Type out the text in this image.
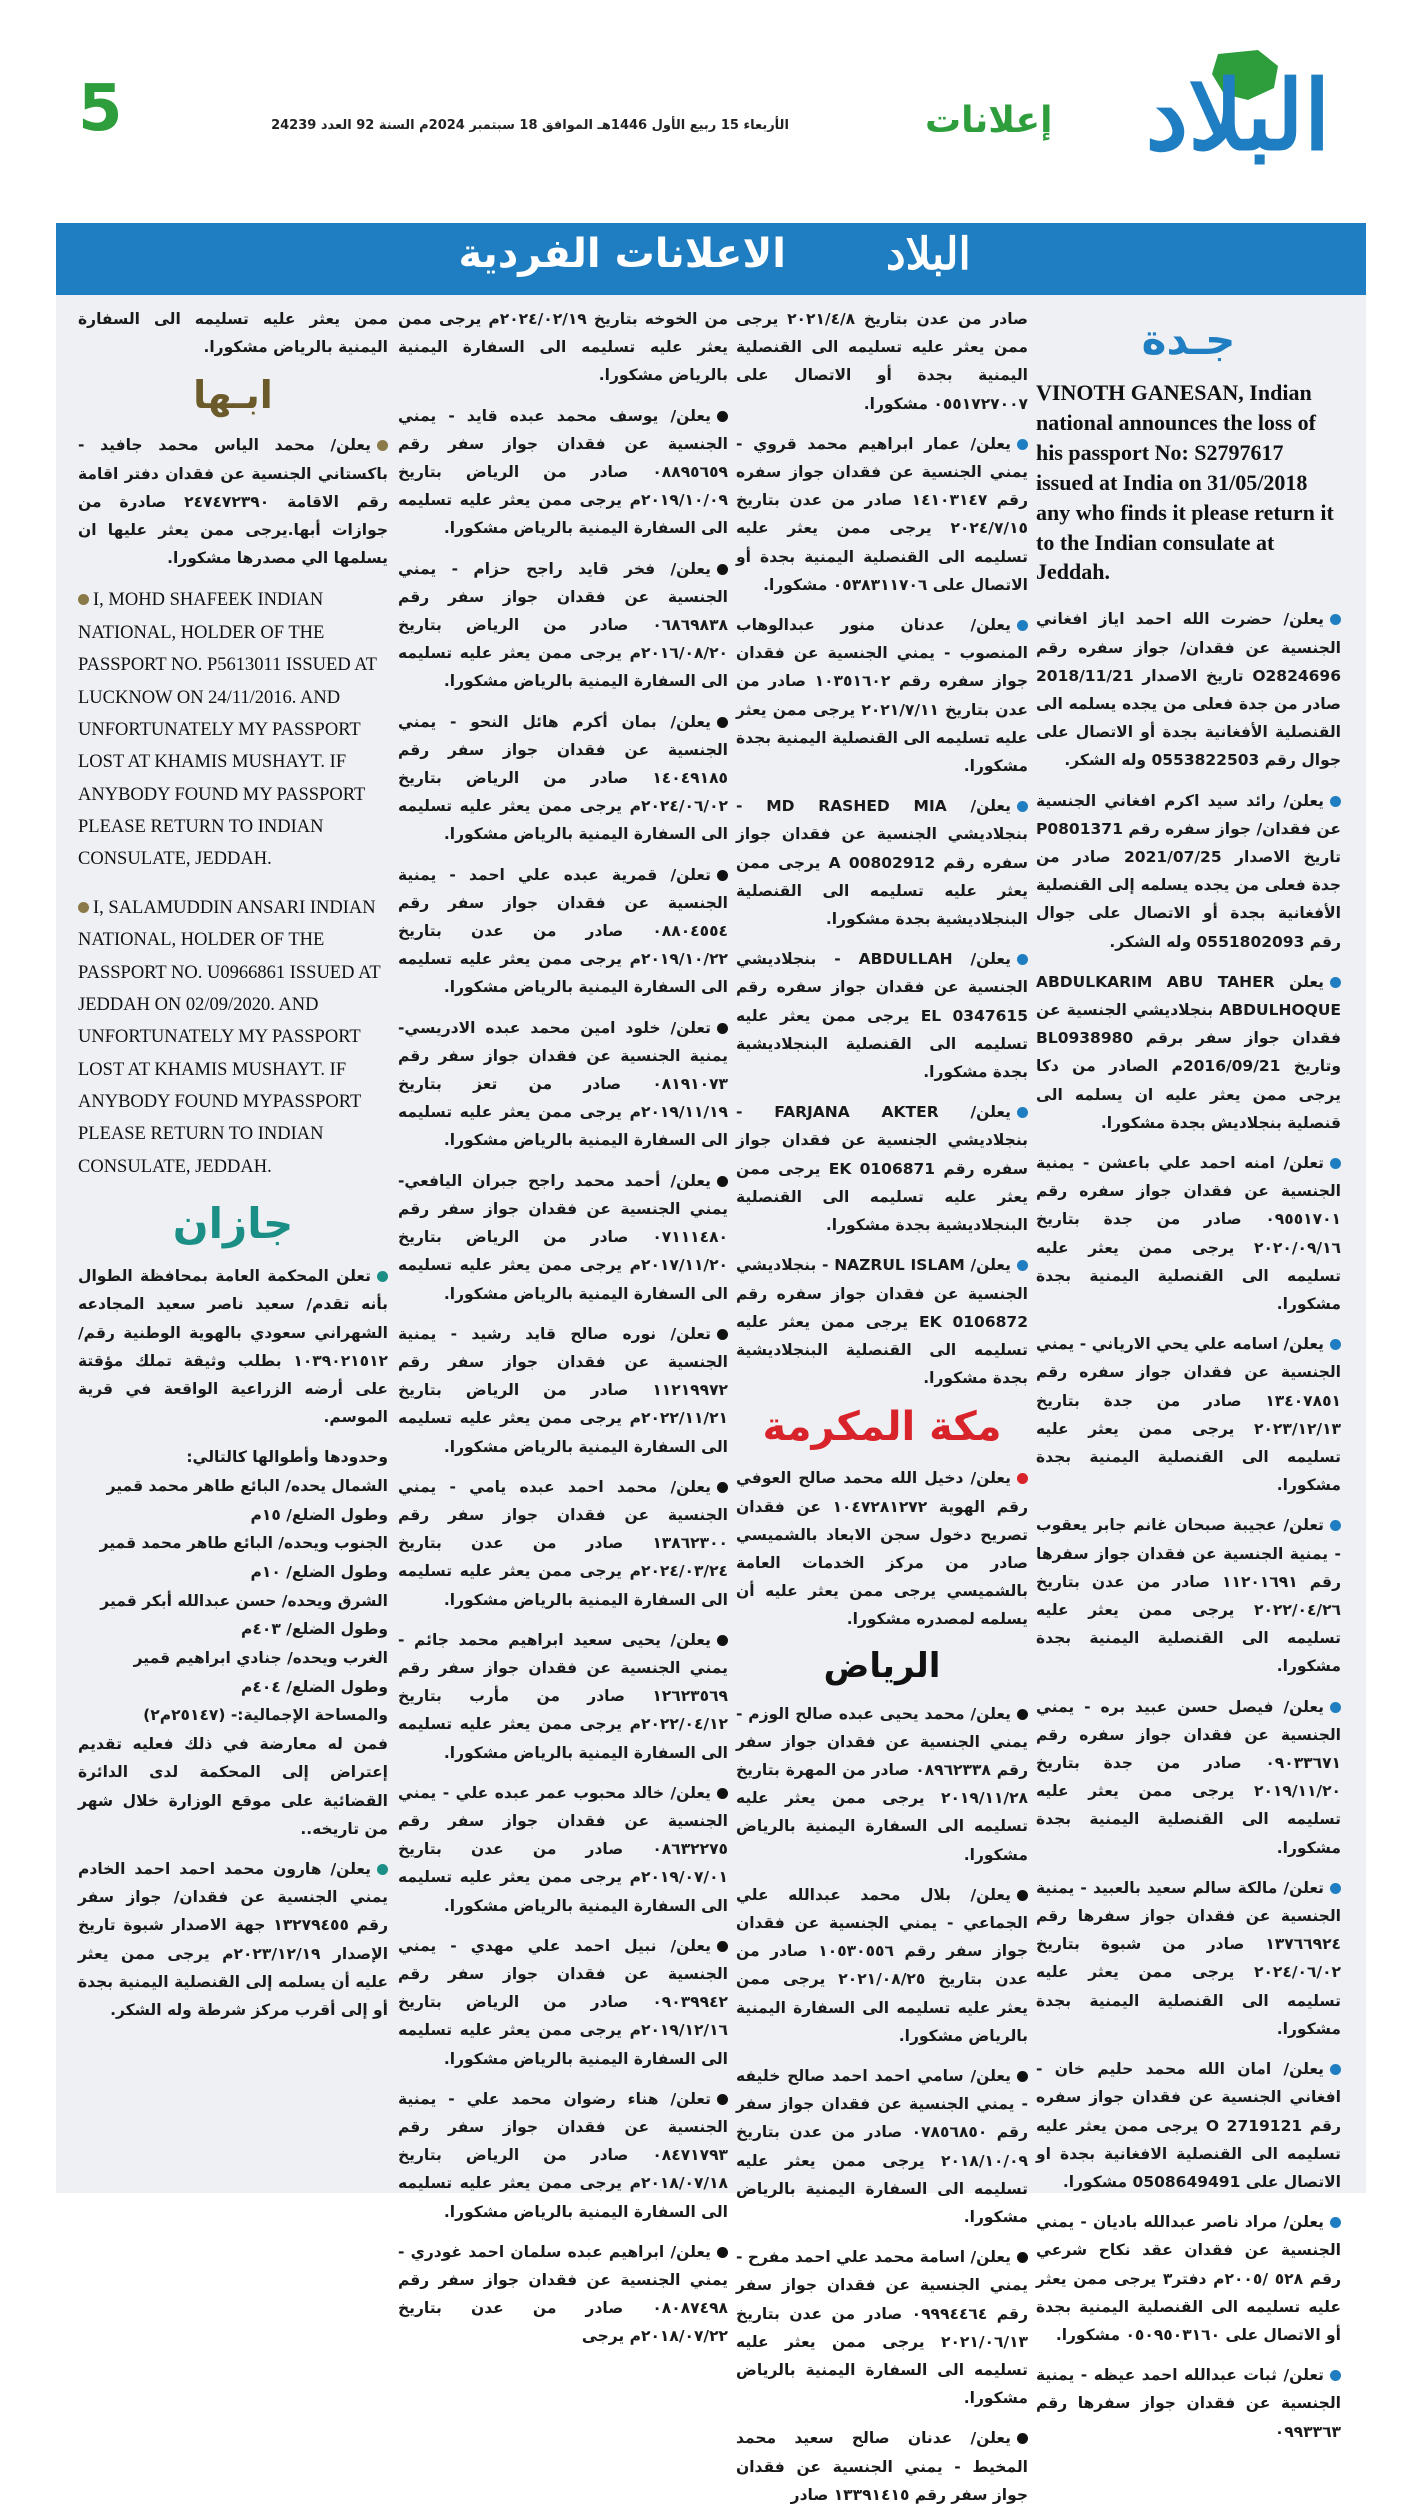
5	الأربعاء 15 ربيع الأول 1446هـ الموافق 18 سبتمبر 2024م السنة 92 العدد 24239	إعلانات البلاد
البلاد
الاعلانات الفردية
جـدة
VINOTH GANESAN, Indian national announces the loss of his passport No: S2797617 issued at India on 31/05/2018 any who finds it please return it to the Indian consulate at Jeddah.
يعلن/ حضرت الله احمد اياز افغاني الجنسية عن فقدان/ جواز سفره رقم O2824696 تاريخ الاصدار 2018/11/21 صادر من جدة فعلى من يجده يسلمه الى القنصلية الأفغانية بجدة أو الاتصال على جوال رقم 0553822503 وله الشكر.
يعلن/ رائد سيد اكرم افغاني الجنسية عن فقدان/ جواز سفره رقم P0801371 تاريخ الاصدار 2021/07/25 صادر من جدة فعلى من يجده يسلمه إلى القنصلية الأفغانية بجدة أو الاتصال على جوال رقم 0551802093 وله الشكر.
يعلن ABDULKARIM ABU TAHER ABDULHOQUE بنجلاديشي الجنسية عن فقدان جواز سفر برقم BL0938980 وتاريخ 2016/09/21م الصادر من دكا يرجى ممن يعثر عليه ان يسلمه الى قنصلية بنجلاديش بجدة مشكورا.
تعلن/ امنه احمد علي باعشن - يمنية الجنسية عن فقدان جواز سفره رقم ٠٩٥٥١٧٠١ صادر من جدة بتاريخ ٢٠٢٠/٠٩/١٦ يرجى ممن يعثر عليه تسليمه الى القنصلية اليمنية بجدة مشكورا.
يعلن/ اسامه علي يحي الارياني - يمني الجنسية عن فقدان جواز سفره رقم ١٣٤٠٧٨٥١ صادر من جدة بتاريخ ٢٠٢٣/١٢/١٣ يرجى ممن يعثر عليه تسليمه الى القنصلية اليمنية بجدة مشكورا.
تعلن/ عجيبة صبحان غانم جابر يعقوب - يمنية الجنسية عن فقدان جواز سفرها رقم ١١٢٠١٦٩١ صادر من عدن بتاريخ ٢٠٢٢/٠٤/٢٦ يرجى ممن يعثر عليه تسليمه الى القنصلية اليمنية بجدة مشكورا.
يعلن/ فيصل حسن عبيد بره - يمني الجنسية عن فقدان جواز سفره رقم ٠٩٠٣٣٦٧١ صادر من جدة بتاريخ ٢٠١٩/١١/٢٠ يرجى ممن يعثر عليه تسليمه الى القنصلية اليمنية بجدة مشكورا.
تعلن/ مالكة سالم سعيد بالعبيد - يمنية الجنسية عن فقدان جواز سفرها رقم ١٣٧٦٦٩٢٤ صادر من شبوة بتاريخ ٢٠٢٤/٠٦/٠٢ يرجى ممن يعثر عليه تسليمه الى القنصلية اليمنية بجدة مشكورا.
يعلن/ امان الله محمد حليم خان - افغاني الجنسية عن فقدان جواز سفره رقم O 2719121 يرجى ممن يعثر عليه تسليمه الى القنصلية الافغانية بجدة او الاتصال على 0508649491 مشكورا.
يعلن/ مراد ناصر عبدالله باديان - يمني الجنسية عن فقدان عقد نكاح شرعي رقم ٥٢٨ /٢٠٠٥م دفتر٣ يرجى ممن يعثر عليه تسليمه الى القنصلية اليمنية بجدة أو الاتصال على ٠٥٠٩٥٠٣١٦٠ مشكورا.
تعلن/ ثبات عبدالله احمد عيظه - يمنية الجنسية عن فقدان جواز سفرها رقم ٠٩٩٣٣٦٣
صادر من عدن بتاريخ ٢٠٢١/٤/٨ يرجى ممن يعثر عليه تسليمه الى القنصلية اليمنية بجدة أو الاتصال على ٠٥٥١٧٢٧٠٠٧ مشكورا.
يعلن/ عمار ابراهيم محمد قروي - يمني الجنسية عن فقدان جواز سفره رقم ١٤١٠٣١٤٧ صادر من عدن بتاريخ ٢٠٢٤/٧/١٥ يرجى ممن يعثر عليه تسليمه الى القنصلية اليمنية بجدة أو الاتصال على ٠٥٣٨٣١١٧٠٦ مشكورا.
يعلن/ عدنان منور عبدالوهاب المنصوب - يمني الجنسية عن فقدان جواز سفره رقم ١٠٣٥١٦٠٢ صادر من عدن بتاريخ ٢٠٢١/٧/١١ يرجى ممن يعثر عليه تسليمه الى القنصلية اليمنية بجدة مشكورا.
يعلن/ MD RASHED MIA - بنجلاديشي الجنسية عن فقدان جواز سفره رقم A 00802912 يرجى ممن يعثر عليه تسليمه الى القنصلية البنجلاديشية بجدة مشكورا.
يعلن/ ABDULLAH - بنجلاديشي الجنسية عن فقدان جواز سفره رقم EL 0347615 يرجى ممن يعثر عليه تسليمه الى القنصلية البنجلاديشية بجدة مشكورا.
يعلن/ FARJANA AKTER - بنجلاديشي الجنسية عن فقدان جواز سفره رقم EK 0106871 يرجى ممن يعثر عليه تسليمه الى القنصلية البنجلاديشية بجدة مشكورا.
يعلن/ NAZRUL ISLAM - بنجلاديشي الجنسية عن فقدان جواز سفره رقم EK 0106872 يرجى ممن يعثر عليه تسليمه الى القنصلية البنجلاديشية بجدة مشكورا.
مكة المكرمة
يعلن/ دخيل الله محمد صالح العوفي رقم الهوية ١٠٤٧٢٨١٢٧٢ عن فقدان تصريح دخول سجن الابعاد بالشميسي صادر من مركز الخدمات العامة بالشميسي يرجى ممن يعثر عليه أن يسلمه لمصدره مشكورا.
الرياض
يعلن/ محمد يحيى عبده صالح الوزم - يمني الجنسية عن فقدان جواز سفر رقم ٠٨٩٦٢٣٣٨ صادر من المهرة بتاريخ ٢٠١٩/١١/٢٨ يرجى ممن يعثر عليه تسليمه الى السفارة اليمنية بالرياض مشكورا.
يعلن/ بلال محمد عبدالله علي الجماعي - يمني الجنسية عن فقدان جواز سفر رقم ١٠٥٣٠٥٥٦ صادر من عدن بتاريخ ٢٠٢١/٠٨/٢٥ يرجى ممن يعثر عليه تسليمه الى السفارة اليمنية بالرياض مشكورا.
يعلن/ سامي احمد احمد صالح خليفه - يمني الجنسية عن فقدان جواز سفر رقم ٠٧٨٥٦٨٥٠ صادر من عدن بتاريخ ٢٠١٨/١٠/٠٩ يرجى ممن يعثر عليه تسليمه الى السفارة اليمنية بالرياض مشكورا.
يعلن/ اسامة محمد علي احمد مفرح - يمني الجنسية عن فقدان جواز سفر رقم ٠٩٩٩٤٤٦٤ صادر من عدن بتاريخ ٢٠٢١/٠٦/١٣ يرجى ممن يعثر عليه تسليمه الى السفارة اليمنية بالرياض مشكورا.
يعلن/ عدنان صالح سعيد محمد المخيط - يمني الجنسية عن فقدان جواز سفر رقم ١٣٣٩١٤١٥ صادر
من الخوخه بتاريخ ٢٠٢٤/٠٢/١٩م يرجى ممن يعثر عليه تسليمه الى السفارة اليمنية بالرياض مشكورا.
يعلن/ يوسف محمد عبده قايد - يمني الجنسية عن فقدان جواز سفر رقم ٠٨٨٩٥٦٥٩ صادر من الرياض بتاريخ ٢٠١٩/١٠/٠٩م يرجى ممن يعثر عليه تسليمه الى السفارة اليمنية بالرياض مشكورا.
يعلن/ فخر قايد راجح حزام - يمني الجنسية عن فقدان جواز سفر رقم ٠٦٨٦٩٨٣٨ صادر من الرياض بتاريخ ٢٠١٦/٠٨/٢٠م يرجى ممن يعثر عليه تسليمه الى السفارة اليمنية بالرياض مشكورا.
يعلن/ بمان أكرم هائل النحو - يمني الجنسية عن فقدان جواز سفر رقم ١٤٠٤٩١٨٥ صادر من الرياض بتاريخ ٢٠٢٤/٠٦/٠٢م يرجى ممن يعثر عليه تسليمه الى السفارة اليمنية بالرياض مشكورا.
تعلن/ قمرية عبده علي احمد - يمنية الجنسية عن فقدان جواز سفر رقم ٠٨٨٠٤٥٥٤ صادر من عدن بتاريخ ٢٠١٩/١٠/٢٢م يرجى ممن يعثر عليه تسليمه الى السفارة اليمنية بالرياض مشكورا.
تعلن/ خلود امين محمد عبده الادريسي- يمنية الجنسية عن فقدان جواز سفر رقم ٠٨١٩١٠٧٣ صادر من تعز بتاريخ ٢٠١٩/١١/١٩م يرجى ممن يعثر عليه تسليمه الى السفارة اليمنية بالرياض مشكورا.
يعلن/ أحمد محمد راجح جبران اليافعي- يمني الجنسية عن فقدان جواز سفر رقم ٠٧١١١٤٨٠ صادر من الرياض بتاريخ ٢٠١٧/١١/٢٠م يرجى ممن يعثر عليه تسليمه الى السفارة اليمنية بالرياض مشكورا.
تعلن/ نوره صالح قايد رشيد - يمنية الجنسية عن فقدان جواز سفر رقم ١١٢١٩٩٧٢ صادر من الرياض بتاريخ ٢٠٢٢/١١/٢١م يرجى ممن يعثر عليه تسليمه الى السفارة اليمنية بالرياض مشكورا.
يعلن/ محمد احمد عبده يامي - يمني الجنسية عن فقدان جواز سفر رقم ١٣٨٦٢٣٠٠ صادر من عدن بتاريخ ٢٠٢٤/٠٣/٢٤م يرجى ممن يعثر عليه تسليمه الى السفارة اليمنية بالرياض مشكورا.
يعلن/ يحيى سعيد ابراهيم محمد جائم - يمني الجنسية عن فقدان جواز سفر رقم ١٢٦٢٣٥٦٩ صادر من مأرب بتاريخ ٢٠٢٢/٠٤/١٢م يرجى ممن يعثر عليه تسليمه الى السفارة اليمنية بالرياض مشكورا.
يعلن/ خالد محبوب عمر عبده علي - يمني الجنسية عن فقدان جواز سفر رقم ٠٨٦٣٢٢٧٥ صادر من عدن بتاريخ ٢٠١٩/٠٧/٠١م يرجى ممن يعثر عليه تسليمه الى السفارة اليمنية بالرياض مشكورا.
يعلن/ نبيل احمد علي مهدي - يمني الجنسية عن فقدان جواز سفر رقم ٠٩٠٣٩٩٤٢ صادر من الرياض بتاريخ ٢٠١٩/١٢/١٦م يرجى ممن يعثر عليه تسليمه الى السفارة اليمنية بالرياض مشكورا.
تعلن/ هناء رضوان محمد علي - يمنية الجنسية عن فقدان جواز سفر رقم ٠٨٤٧١٧٩٣ صادر من الرياض بتاريخ ٢٠١٨/٠٧/١٨م يرجى ممن يعثر عليه تسليمه الى السفارة اليمنية بالرياض مشكورا.
يعلن/ ابراهيم عبده سلمان احمد غودري - يمني الجنسية عن فقدان جواز سفر رقم ٠٨٠٨٧٤٩٨ صادر من عدن بتاريخ ٢٠١٨/٠٧/٢٢م يرجى
ممن يعثر عليه تسليمه الى السفارة اليمنية بالرياض مشكورا.
ابـها
يعلن/ محمد الياس محمد جافيد - باكستاني الجنسية عن فقدان دفتر اقامة رقم الاقامة ٢٤٧٤٧٢٣٩٠ صادرة من جوازات أبها.يرجى ممن يعثر عليها ان يسلمها الي مصدرها مشكورا.
I, MOHD SHAFEEK INDIAN NATIONAL, HOLDER OF THE PASSPORT NO. P5613011 ISSUED AT LUCKNOW ON 24/11/2016. AND UNFORTUNATELY MY PASSPORT LOST AT KHAMIS MUSHAYT. IF ANYBODY FOUND MY PASSPORT PLEASE RETURN TO INDIAN CONSULATE, JEDDAH.
I, SALAMUDDIN ANSARI INDIAN NATIONAL, HOLDER OF THE PASSPORT NO. U0966861 ISSUED AT JEDDAH ON 02/09/2020. AND UNFORTUNATELY MY PASSPORT LOST AT KHAMIS MUSHAYT. IF ANYBODY FOUND MYPASSPORT PLEASE RETURN TO INDIAN CONSULATE, JEDDAH.
جازان
تعلن المحكمة العامة بمحافظة الطوال بأنه تقدم/ سعيد ناصر سعيد المجادعه الشهراني سعودي بالهوية الوطنية رقم/ ١٠٣٩٠٢١٥١٢ بطلب وثيقة تملك مؤقتة على أرضه الزراعية الواقعة في قرية الموسم.
وحدودها وأطوالها كالتالي:
الشمال يحده/ البائع طاهر محمد قمير
وطول الضلع/ ١٥م
الجنوب ويحده/ البائع طاهر محمد قمير
وطول الضلع/ ١٠م
الشرق ويحده/ حسن عبدالله أبكر قمير
وطول الضلع/ ٤٠٣م
الغرب ويحده/ جنادي ابراهيم قمير
وطول الضلع/ ٤٠٤م
والمساحة الإجمالية:- (٢٥١٤٧م٢)
فمن له معارضة في ذلك فعليه تقديم إعتراض إلى المحكمة لدى الدائرة القضائية على موقع الوزارة خلال شهر من تاريخه..
يعلن/ هارون محمد احمد احمد الخادم يمني الجنسية عن فقدان/ جواز سفر رقم ١٣٢٧٩٤٥٥ جهة الاصدار شبوة تاريخ الإصدار ٢٠٢٣/١٢/١٩م يرجى ممن يعثر عليه أن يسلمه إلى القنصلية اليمنية بجدة أو إلى أقرب مركز شرطة وله الشكر.
